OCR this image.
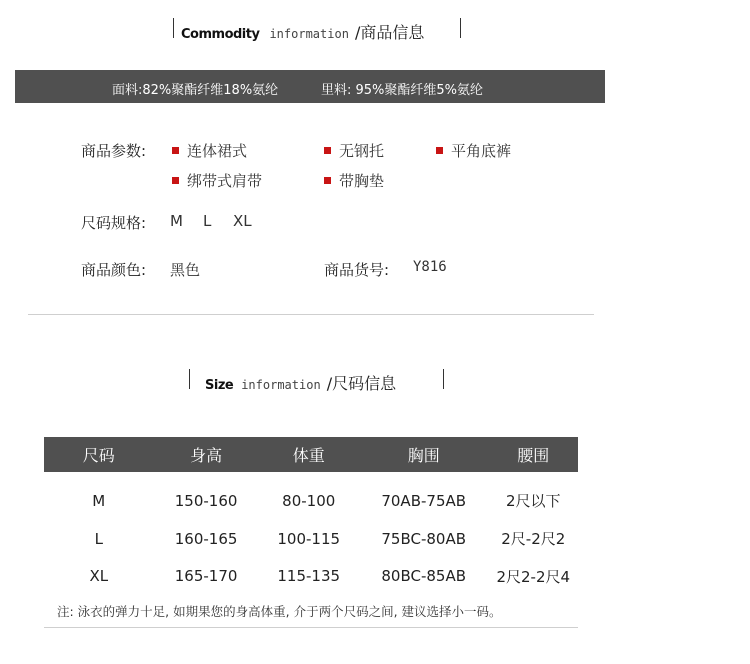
Commodity information /商品信息
面料:82%聚酯纤维18%氨纶	里料: 95%聚酯纤维5%氨纶
商品参数:	连体裙式	无钢托	平角底裤
绑带式肩带	带胸垫
尺码规格: M L XL
商品颜色: 黑色	商品货号: Y816
Size information /尺码信息
尺码	身高	体重	胸围	腰围
M	150-160	80-100	70AB-75AB	2尺以下
L	160-165	100-115	75BC-80AB	2尺-2尺2
XL	165-170	115-135	80BC-85AB	2尺2-2尺4
注: 泳衣的弹力十足, 如期果您的身高体重, 介于两个尺码之间, 建议选择小一码。
